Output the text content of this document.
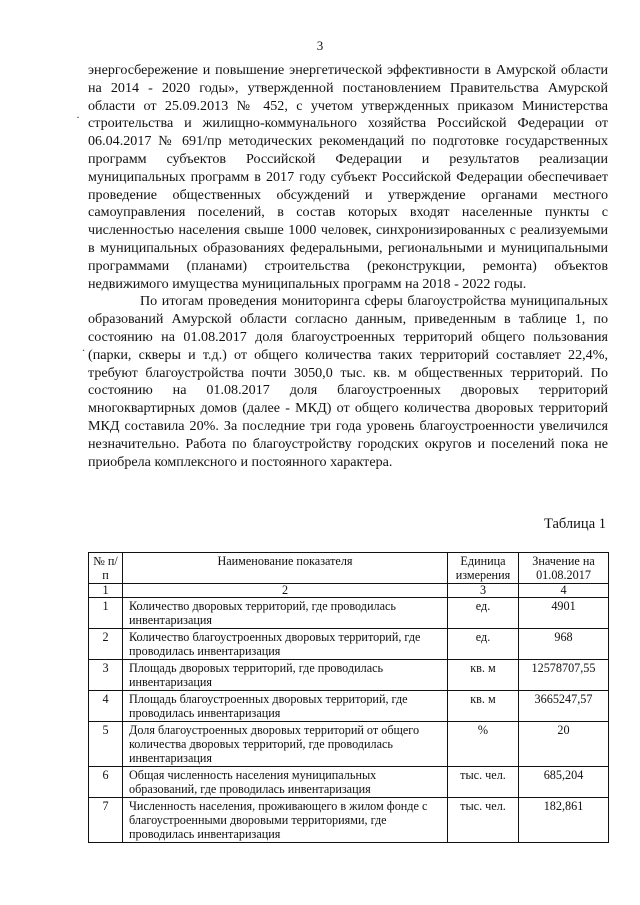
3
·
.

энергосбережение и повышение энергетической эффективности в Амурской области на 2014 - 2020 годы», утвержденной постановлением Правительства Амурской области от 25.09.2013 № 452, с учетом утвержденных приказом Министерства строительства и жилищно-коммунального хозяйства Российской Федерации от 06.04.2017 № 691/пр методических рекомендаций по подготовке государственных программ субъектов Российской Федерации и результатов реализации муниципальных программ в 2017 году субъект Российской Федерации обеспечивает проведение общественных обсуждений и утверждение органами местного самоуправления поселений, в состав которых входят населенные пункты с численностью населения свыше 1000 человек, синхронизированных с реализуемыми в муниципальных образованиях федеральными, региональными и муниципальными программами (планами) строительства (реконструкции, ремонта) объектов недвижимого имущества муниципальных программ на 2018 - 2022 годы.

По итогам проведения мониторинга сферы благоустройства муниципальных образований Амурской области согласно данным, приведенным в таблице 1, по состоянию на 01.08.2017 доля благоустроенных территорий общего пользования (парки, скверы и т.д.) от общего количества таких территорий составляет 22,4%, требуют благоустройства почти 3050,0 тыс. кв. м общественных территорий. По состоянию на 01.08.2017 доля благоустроенных дворовых территорий многоквартирных домов (далее - МКД) от общего количества дворовых территорий МКД составила 20%. За последние три года уровень благоустроенности увеличился незначительно. Работа по благоустройству городских округов и поселений пока не приобрела комплексного и постоянного характера.

Таблица 1
№ п/п	Наименование показателя	Единица измерения	Значение на 01.08.2017
1	2	3	4
1	Количество дворовых территорий, где проводилась инвентаризация	ед.	4901
2	Количество благоустроенных дворовых территорий, где проводилась инвентаризация	ед.	968
3	Площадь дворовых территорий, где проводилась инвентаризация	кв. м	12578707,55
4	Площадь благоустроенных дворовых территорий, где проводилась инвентаризация	кв. м	3665247,57
5	Доля благоустроенных дворовых территорий от общего количества дворовых территорий, где проводилась инвентаризация	%	20
6	Общая численность населения муниципальных образований, где проводилась инвентаризация	тыс. чел.	685,204
7	Численность населения, проживающего в жилом фонде с благоустроенными дворовыми территориями, где проводилась инвентаризация	тыс. чел.	182,861
